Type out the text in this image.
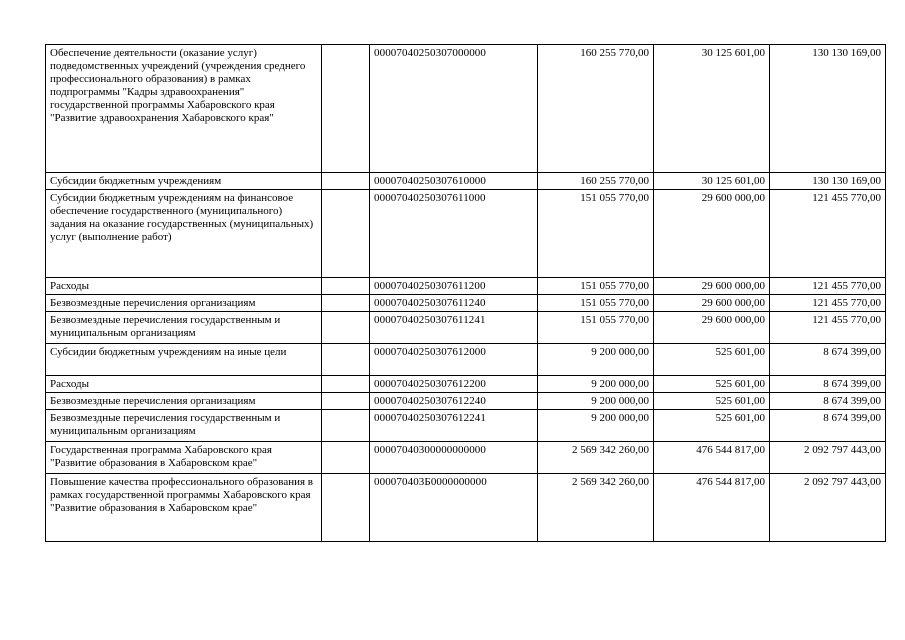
Обеспечение деятельности (оказание услуг) подведомственных учреждений (учреждения среднего профессионального образования) в рамках подпрограммы "Кадры здравоохранения" государственной программы Хабаровского края "Развитие здравоохранения Хабаровского края"		00007040250307000000	160 255 770,00	30 125 601,00	130 130 169,00
Субсидии бюджетным учреждениям		00007040250307610000	160 255 770,00	30 125 601,00	130 130 169,00
Субсидии бюджетным учреждениям на финансовое обеспечение государственного (муниципального) задания на оказание государственных (муниципальных) услуг (выполнение работ)		00007040250307611000	151 055 770,00	29 600 000,00	121 455 770,00
Расходы		00007040250307611200	151 055 770,00	29 600 000,00	121 455 770,00
Безвозмездные перечисления организациям		00007040250307611240	151 055 770,00	29 600 000,00	121 455 770,00
Безвозмездные перечисления государственным и муниципальным организациям		00007040250307611241	151 055 770,00	29 600 000,00	121 455 770,00
Субсидии бюджетным учреждениям на иные цели		00007040250307612000	9 200 000,00	525 601,00	8 674 399,00
Расходы		00007040250307612200	9 200 000,00	525 601,00	8 674 399,00
Безвозмездные перечисления организациям		00007040250307612240	9 200 000,00	525 601,00	8 674 399,00
Безвозмездные перечисления государственным и муниципальным организациям		00007040250307612241	9 200 000,00	525 601,00	8 674 399,00
Государственная программа Хабаровского края "Развитие образования в Хабаровском крае"		00007040300000000000	2 569 342 260,00	476 544 817,00	2 092 797 443,00
Повышение качества профессионального образования в рамках государственной программы Хабаровского края "Развитие образования в Хабаровском крае"		000070403Б0000000000	2 569 342 260,00	476 544 817,00	2 092 797 443,00
